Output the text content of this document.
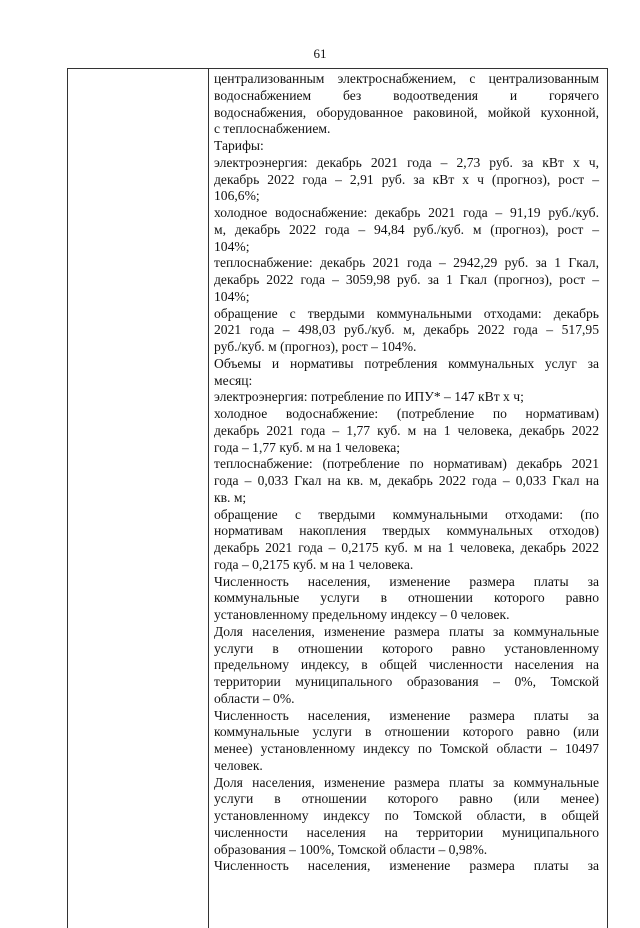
61
централизованным электроснабжением, с централизованным
водоснабжением без водоотведения и горячего
водоснабжения, оборудованное раковиной, мойкой кухонной,
с теплоснабжением.
Тарифы:
электроэнергия: декабрь 2021 года – 2,73 руб. за кВт х ч,
декабрь 2022 года – 2,91 руб. за кВт х ч (прогноз), рост –
106,6%;
холодное водоснабжение: декабрь 2021 года – 91,19 руб./куб.
м, декабрь 2022 года – 94,84 руб./куб. м (прогноз), рост –
104%;
теплоснабжение: декабрь 2021 года – 2942,29 руб. за 1 Гкал,
декабрь 2022 года – 3059,98 руб. за 1 Гкал (прогноз), рост –
104%;
обращение с твердыми коммунальными отходами: декабрь
2021 года – 498,03 руб./куб. м, декабрь 2022 года – 517,95
руб./куб. м (прогноз), рост – 104%.
Объемы и нормативы потребления коммунальных услуг за
месяц:
электроэнергия: потребление по ИПУ* – 147 кВт х ч;
холодное водоснабжение: (потребление по нормативам)
декабрь 2021 года – 1,77 куб. м на 1 человека, декабрь 2022
года – 1,77 куб. м на 1 человека;
теплоснабжение: (потребление по нормативам) декабрь 2021
года – 0,033 Гкал на кв. м, декабрь 2022 года – 0,033 Гкал на
кв. м;
обращение с твердыми коммунальными отходами: (по
нормативам накопления твердых коммунальных отходов)
декабрь 2021 года – 0,2175 куб. м на 1 человека, декабрь 2022
года – 0,2175 куб. м на 1 человека.
Численность населения, изменение размера платы за
коммунальные услуги в отношении которого равно
установленному предельному индексу – 0 человек.
Доля населения, изменение размера платы за коммунальные
услуги в отношении которого равно установленному
предельному индексу, в общей численности населения на
территории муниципального образования – 0%, Томской
области – 0%.
Численность населения, изменение размера платы за
коммунальные услуги в отношении которого равно (или
менее) установленному индексу по Томской области – 10497
человек.
Доля населения, изменение размера платы за коммунальные
услуги в отношении которого равно (или менее)
установленному индексу по Томской области, в общей
численности населения на территории муниципального
образования – 100%, Томской области – 0,98%.
Численность населения, изменение размера платы за
